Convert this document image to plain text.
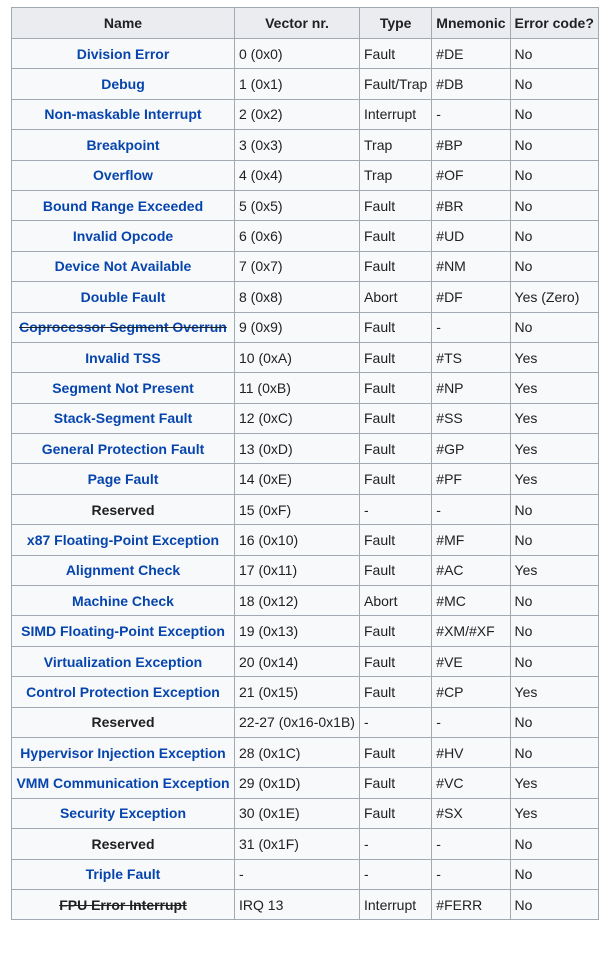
Name	Vector nr.	Type	Mnemonic	Error code?
Division Error	0 (0x0)	Fault	#DE	No
Debug	1 (0x1)	Fault/Trap	#DB	No
Non-maskable Interrupt	2 (0x2)	Interrupt	-	No
Breakpoint	3 (0x3)	Trap	#BP	No
Overflow	4 (0x4)	Trap	#OF	No
Bound Range Exceeded	5 (0x5)	Fault	#BR	No
Invalid Opcode	6 (0x6)	Fault	#UD	No
Device Not Available	7 (0x7)	Fault	#NM	No
Double Fault	8 (0x8)	Abort	#DF	Yes (Zero)
Coprocessor Segment Overrun	9 (0x9)	Fault	-	No
Invalid TSS	10 (0xA)	Fault	#TS	Yes
Segment Not Present	11 (0xB)	Fault	#NP	Yes
Stack-Segment Fault	12 (0xC)	Fault	#SS	Yes
General Protection Fault	13 (0xD)	Fault	#GP	Yes
Page Fault	14 (0xE)	Fault	#PF	Yes
Reserved	15 (0xF)	-	-	No
x87 Floating-Point Exception	16 (0x10)	Fault	#MF	No
Alignment Check	17 (0x11)	Fault	#AC	Yes
Machine Check	18 (0x12)	Abort	#MC	No
SIMD Floating-Point Exception	19 (0x13)	Fault	#XM/#XF	No
Virtualization Exception	20 (0x14)	Fault	#VE	No
Control Protection Exception	21 (0x15)	Fault	#CP	Yes
Reserved	22-27 (0x16-0x1B)	-	-	No
Hypervisor Injection Exception	28 (0x1C)	Fault	#HV	No
VMM Communication Exception	29 (0x1D)	Fault	#VC	Yes
Security Exception	30 (0x1E)	Fault	#SX	Yes
Reserved	31 (0x1F)	-	-	No
Triple Fault	-	-	-	No
FPU Error Interrupt	IRQ 13	Interrupt	#FERR	No
